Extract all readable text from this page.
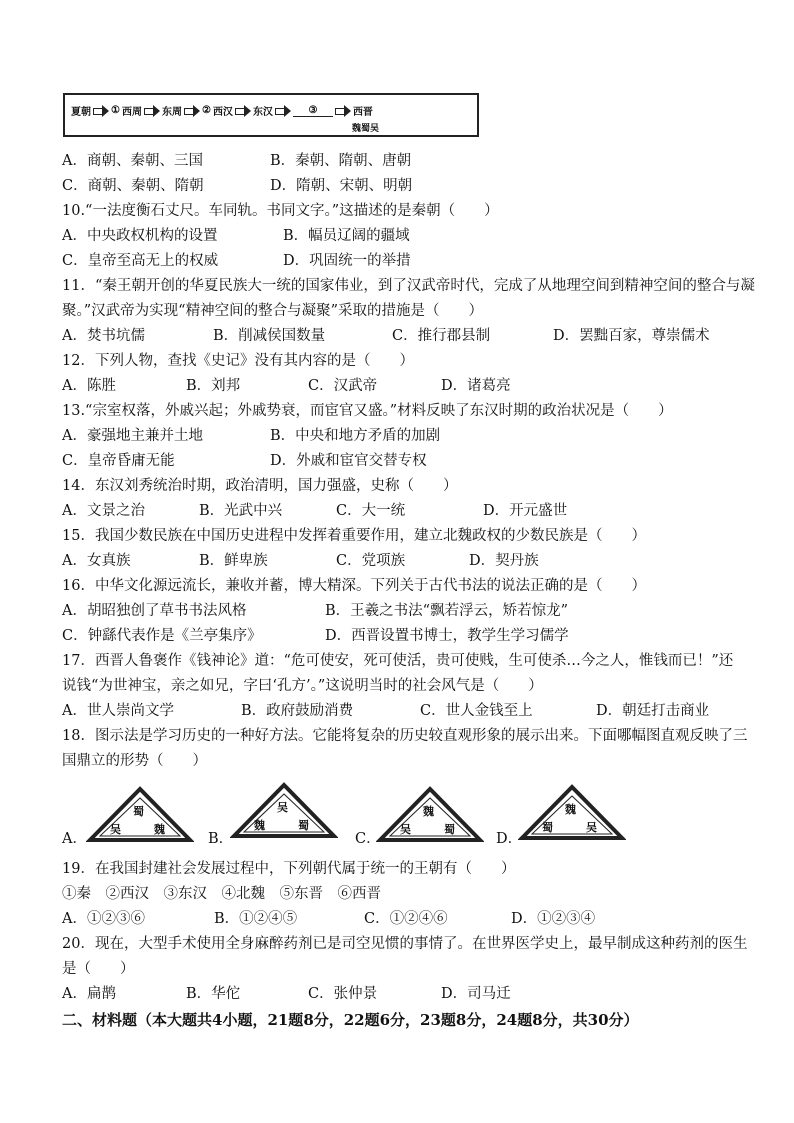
夏朝 ① 西周 东周 ② 西汉 东汉	③	西晋
魏蜀吴
A．商朝、秦朝、三国	B．秦朝、隋朝、唐朝
C．商朝、秦朝、隋朝	D．隋朝、宋朝、明朝
10.“一法度衡石丈尺。车同轨。书同文字。”这描述的是秦朝（　　）
A．中央政权机构的设置	B．幅员辽阔的疆域
C．皇帝至高无上的权威	D．巩固统一的举措
11．“秦王朝开创的华夏民族大一统的国家伟业，到了汉武帝时代，完成了从地理空间到精神空间的整合与凝
聚。”汉武帝为实现“精神空间的整合与凝聚”采取的措施是（　　）
A．焚书坑儒	B．削减侯国数量	C．推行郡县制	D．罢黜百家，尊崇儒术
12．下列人物，查找《史记》没有其内容的是（　　）
A．陈胜	B．刘邦	C．汉武帝	D．诸葛亮
13.“宗室权落，外戚兴起；外戚势衰，而宦官又盛。”材料反映了东汉时期的政治状况是（　　）
A．豪强地主兼并土地	B．中央和地方矛盾的加剧
C．皇帝昏庸无能	D．外戚和宦官交替专权
14．东汉刘秀统治时期，政治清明，国力强盛，史称（　　）
A．文景之治	B．光武中兴	C．大一统	D．开元盛世
15．我国少数民族在中国历史进程中发挥着重要作用，建立北魏政权的少数民族是（　　）
A．女真族	B．鲜卑族	C．党项族	D．契丹族
16．中华文化源远流长，兼收并蓄，博大精深。下列关于古代书法的说法正确的是（　　）
A．胡昭独创了草书书法风格	B．王羲之书法“飘若浮云，矫若惊龙”
C．钟繇代表作是《兰亭集序》	D．西晋设置书博士，教学生学习儒学
17．西晋人鲁褒作《钱神论》道：“危可使安，死可使活，贵可使贱，生可使杀…今之人，惟钱而已！”还
说钱“为世神宝，亲之如兄，字曰‘孔方’。”这说明当时的社会风气是（　　）
A．世人崇尚文学	B．政府鼓励消费	C．世人金钱至上	D．朝廷打击商业
18．图示法是学习历史的一种好方法。它能将复杂的历史较直观形象的展示出来。下面哪幅图直观反映了三
国鼎立的形势（　　）
A．
蜀
吴	魏
B．
吴
魏	蜀
C．
魏
吴	蜀
D．
魏
蜀	吴
19．在我国封建社会发展过程中，下列朝代属于统一的王朝有（　　）
①秦　②西汉　③东汉　④北魏　⑤东晋　⑥西晋
A．①②③⑥	B．①②④⑤	C．①②④⑥	D．①②③④
20．现在，大型手术使用全身麻醉药剂已是司空见惯的事情了。在世界医学史上，最早制成这种药剂的医生
是（　　）
A．扁鹊	B．华佗	C．张仲景	D．司马迁
二、材料题（本大题共4小题，21题8分，22题6分，23题8分，24题8分，共30分）
